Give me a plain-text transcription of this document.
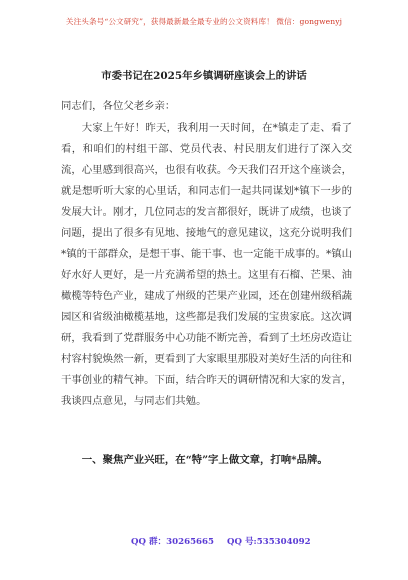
关注头条号“公文研究”，获得最新最全最专业的公文资料库！ 微信：gongwenyj
市委书记在2025年乡镇调研座谈会上的讲话
同志们，各位父老乡亲：

大家上午好！昨天，我利用一天时间，在*镇走了走、看了看，和咱们的村组干部、党员代表、村民朋友们进行了深入交流，心里感到很高兴，也很有收获。今天我们召开这个座谈会，就是想听听大家的心里话，和同志们一起共同谋划*镇下一步的发展大计。刚才，几位同志的发言都很好，既讲了成绩，也谈了问题，提出了很多有见地、接地气的意见建议，这充分说明我们*镇的干部群众，是想干事、能干事、也一定能干成事的。*镇山好水好人更好，是一片充满希望的热土。这里有石榴、芒果、油橄榄等特色产业，建成了州级的芒果产业园，还在创建州级稻蔬园区和省级油橄榄基地，这些都是我们发展的宝贵家底。这次调研，我看到了党群服务中心功能不断完善，看到了土坯房改造让村容村貌焕然一新，更看到了大家眼里那股对美好生活的向往和干事创业的精气神。下面，结合昨天的调研情况和大家的发言，我谈四点意见，与同志们共勉。

一、聚焦产业兴旺，在“特”字上做文章，打响*品牌。
QQ 群：30265665 QQ 号:535304092
